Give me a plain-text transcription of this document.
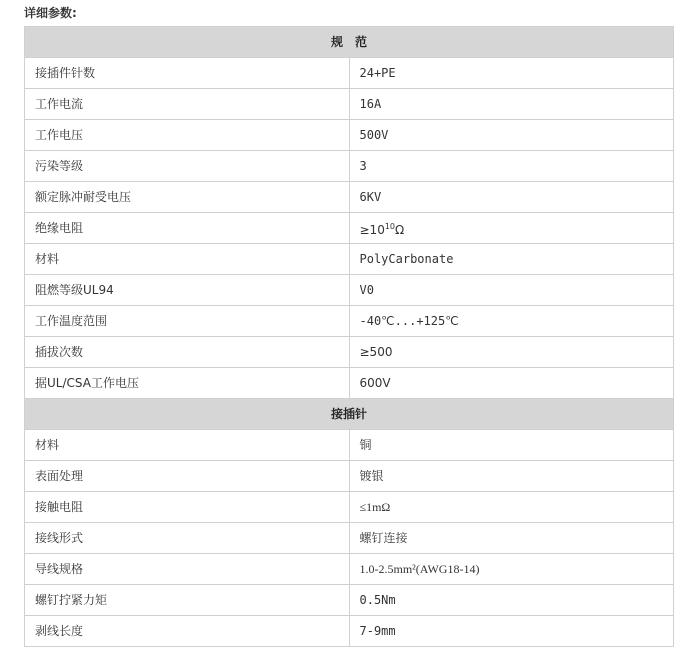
详细参数:
规　范	
接插件针数	24+PE
工作电流	16A
工作电压	500V
污染等级	3
额定脉冲耐受电压	6KV
绝缘电阻	$\ge 10^{10}\Omega$
材料	PolyCarbonate
阻燃等级UL94	V0
工作温度范围	-40℃...+125℃
插拔次数	≥500
据UL/CSA工作电压	600V
接插针	
材料	铜
表面处理	镀银
接触电阻	≤1mΩ
接线形式	螺钉连接
导线规格	1.0-2.5mm²(AWG18-14)
螺钉拧紧力矩	0.5Nm
剥线长度	7-9mm
